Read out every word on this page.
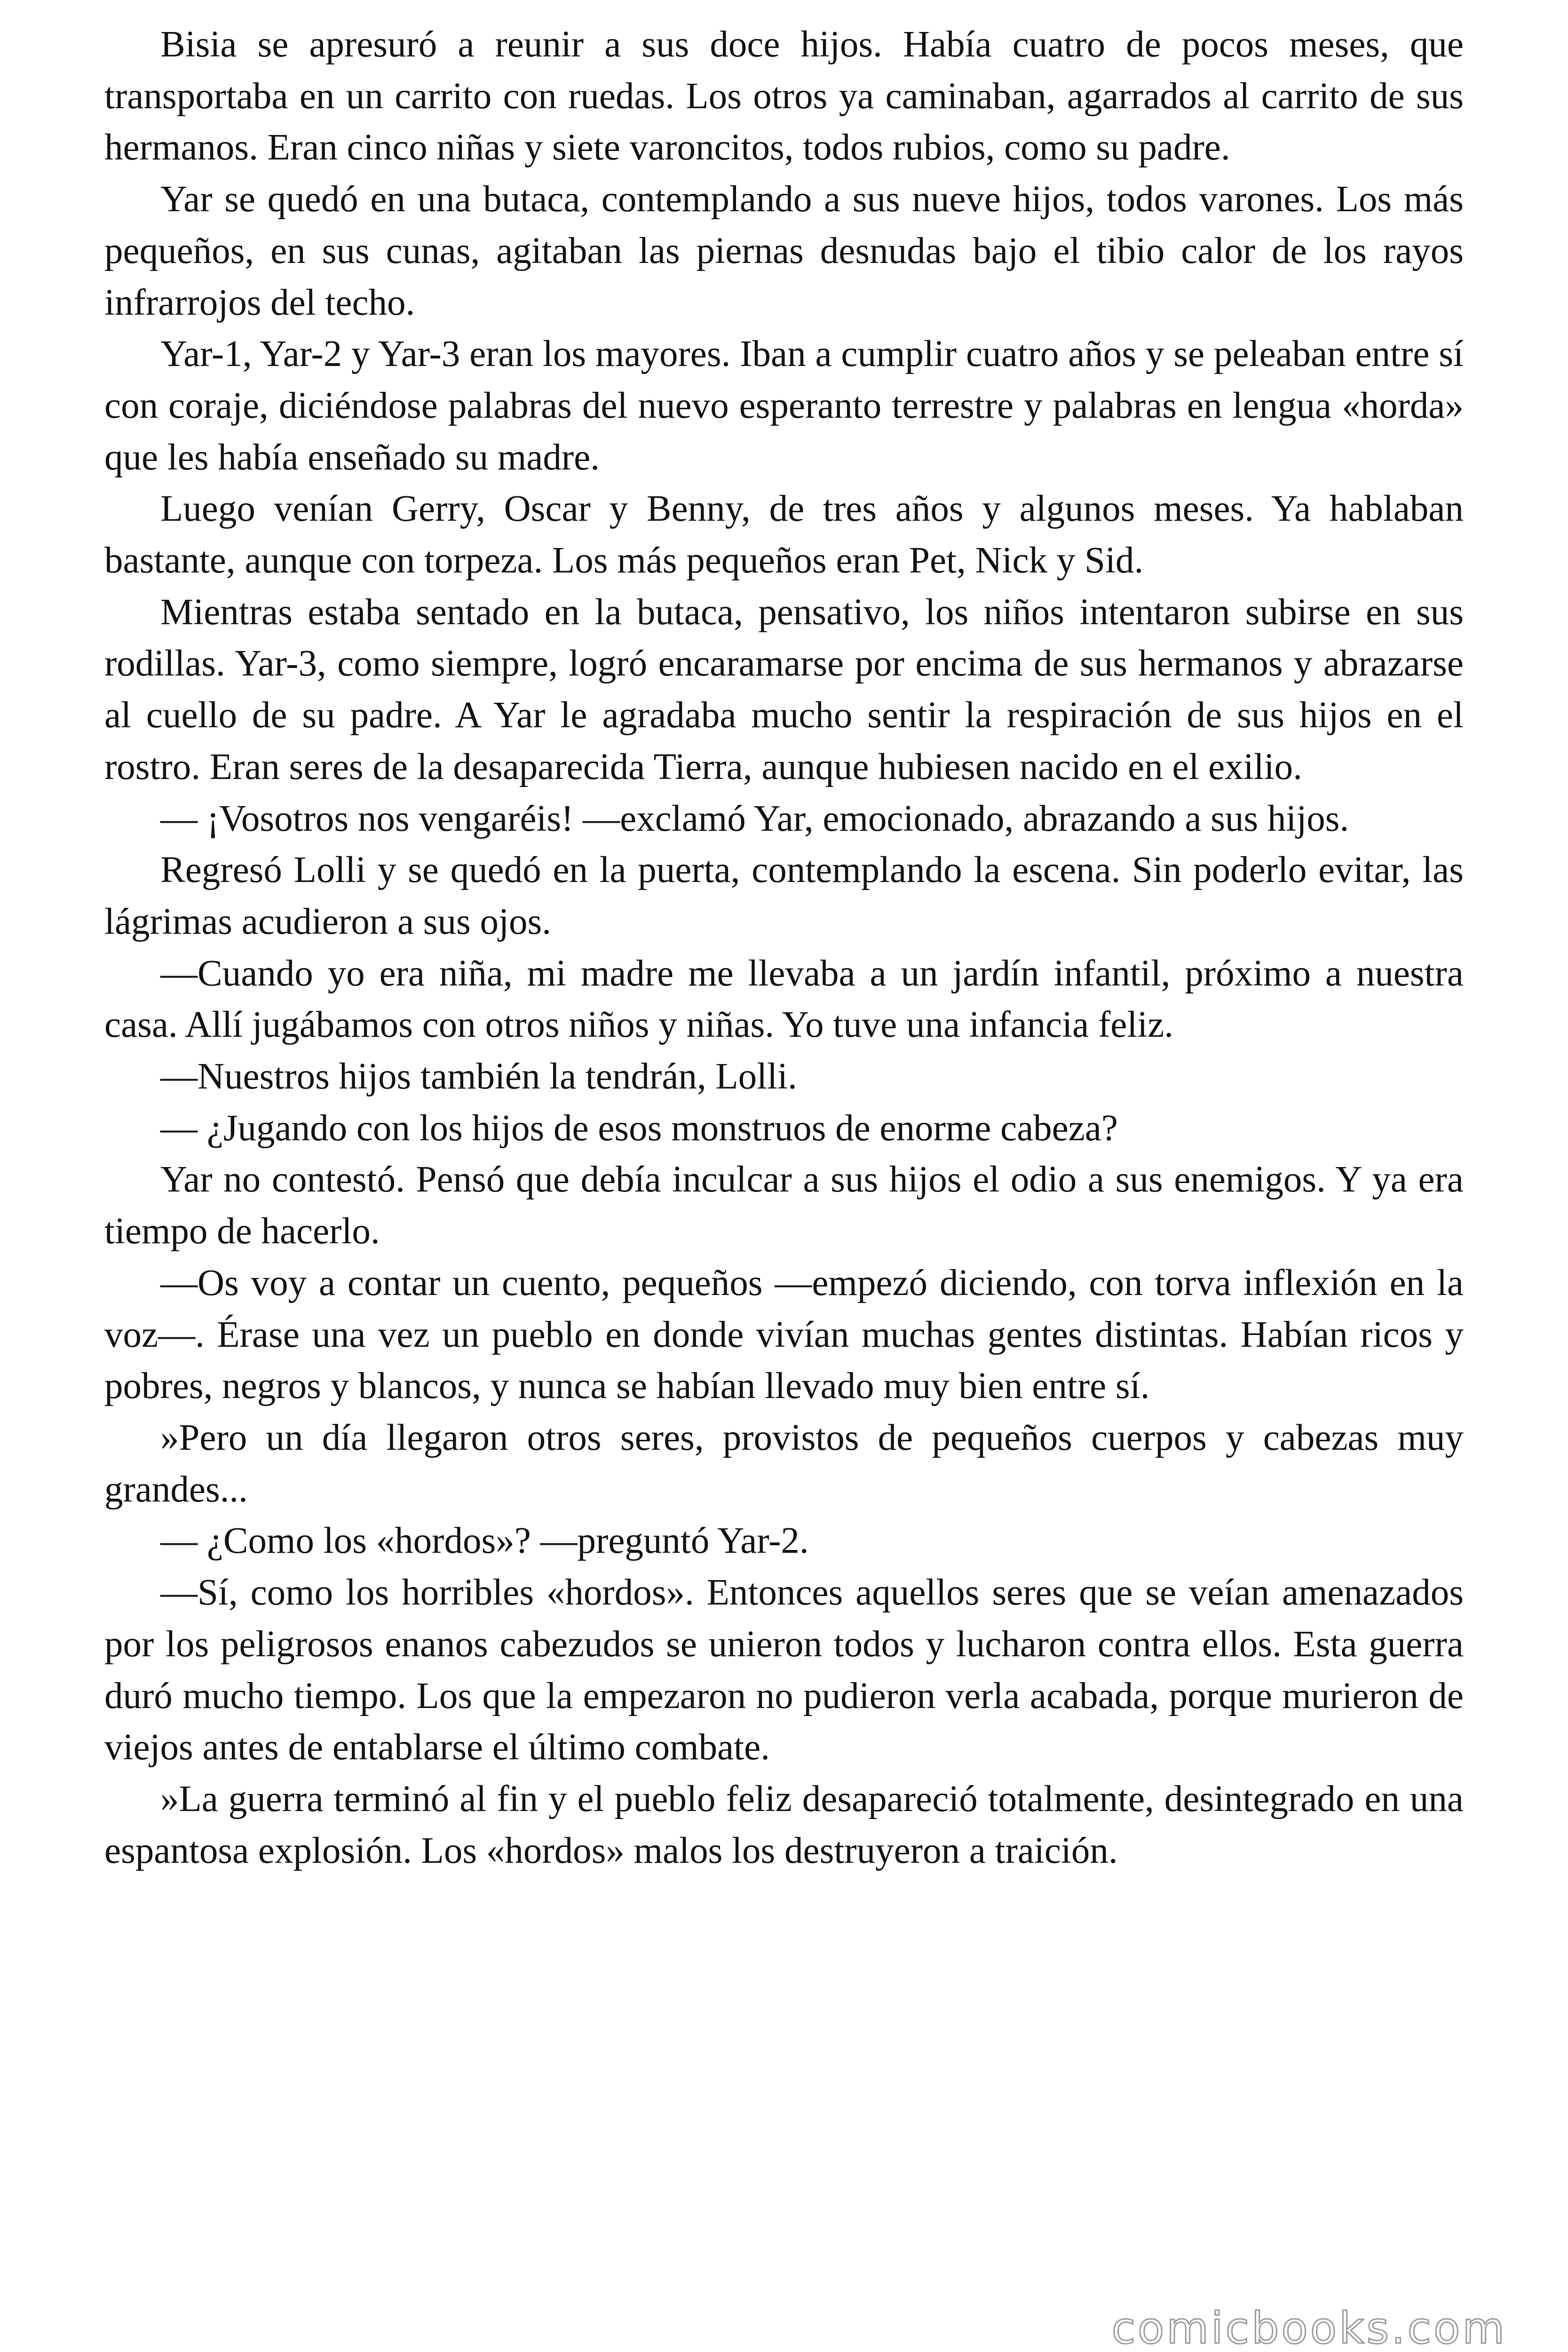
Bisia se apresuró a reunir a sus doce hijos. Había cuatro de pocos meses, que transportaba en un carrito con ruedas. Los otros ya caminaban, agarrados al carrito de sus hermanos. Eran cinco niñas y siete varoncitos, todos rubios, como su padre.

Yar se quedó en una butaca, contemplando a sus nueve hijos, todos varones. Los más pequeños, en sus cunas, agitaban las piernas desnudas bajo el tibio calor de los rayos infrarrojos del techo.

Yar-1, Yar-2 y Yar-3 eran los mayores. Iban a cumplir cuatro años y se peleaban entre sí con coraje, diciéndose palabras del nuevo esperanto terrestre y palabras en lengua «horda» que les había enseñado su madre.

Luego venían Gerry, Oscar y Benny, de tres años y algunos meses. Ya hablaban bastante, aunque con torpeza. Los más pequeños eran Pet, Nick y Sid.

Mientras estaba sentado en la butaca, pensativo, los niños intentaron subirse en sus rodillas. Yar-3, como siempre, logró encaramarse por encima de sus hermanos y abrazarse al cuello de su padre. A Yar le agradaba mucho sentir la respiración de sus hijos en el rostro. Eran seres de la desaparecida Tierra, aunque hubiesen nacido en el exilio.

— ¡Vosotros nos vengaréis! —exclamó Yar, emocionado, abrazando a sus hijos.

Regresó Lolli y se quedó en la puerta, contemplando la escena. Sin poderlo evitar, las lágrimas acudieron a sus ojos.

—Cuando yo era niña, mi madre me llevaba a un jardín infantil, próximo a nuestra casa. Allí jugábamos con otros niños y niñas. Yo tuve una infancia feliz.

—Nuestros hijos también la tendrán, Lolli.

— ¿Jugando con los hijos de esos monstruos de enorme cabeza?

Yar no contestó. Pensó que debía inculcar a sus hijos el odio a sus enemigos. Y ya era tiempo de hacerlo.

—Os voy a contar un cuento, pequeños —empezó diciendo, con torva inflexión en la voz—. Érase una vez un pueblo en donde vivían muchas gentes distintas. Habían ricos y pobres, negros y blancos, y nunca se habían llevado muy bien entre sí.

»Pero un día llegaron otros seres, provistos de pequeños cuerpos y cabezas muy grandes...

— ¿Como los «hordos»? —preguntó Yar-2.

—Sí, como los horribles «hordos». Entonces aquellos seres que se veían amenazados por los peligrosos enanos cabezudos se unieron todos y lucharon contra ellos. Esta guerra duró mucho tiempo. Los que la empezaron no pudieron verla acabada, porque murieron de viejos antes de entablarse el último combate.

»La guerra terminó al fin y el pueblo feliz desapareció totalmente, desintegrado en una espantosa explosión. Los «hordos» malos los destruyeron a traición.

comicbooks.com
